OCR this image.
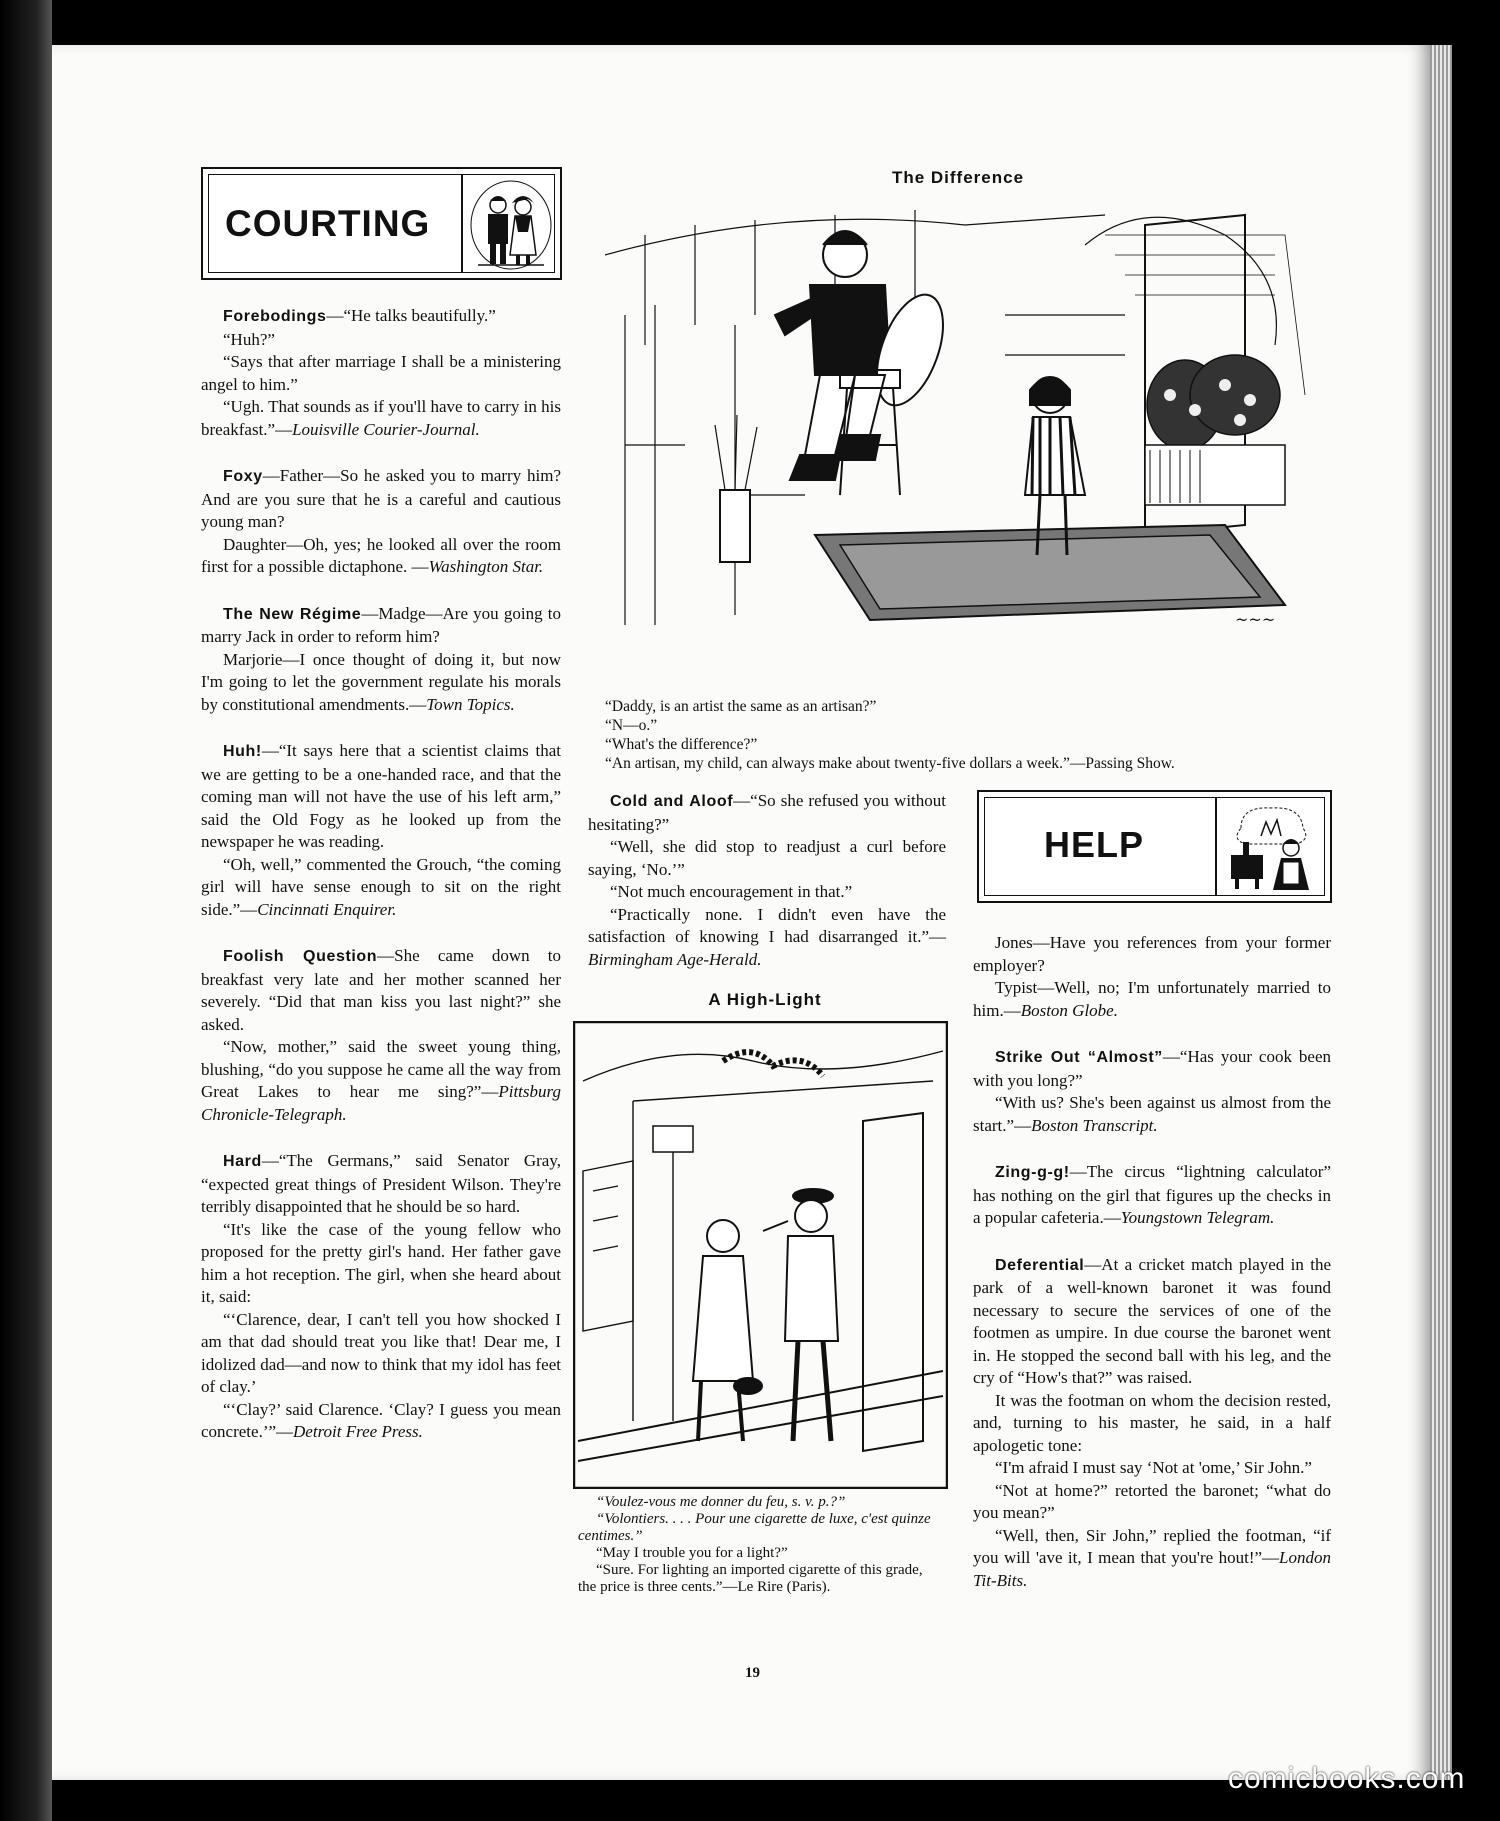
COURTING

Forebodings—“He talks beautifully.”

“Huh?”

“Says that after marriage I shall be a ministering angel to him.”

“Ugh. That sounds as if you'll have to carry in his breakfast.”—Louisville Courier-Journal.

Foxy—Father—So he asked you to marry him? And are you sure that he is a careful and cautious young man?

Daughter—Oh, yes; he looked all over the room first for a possible dictaphone. —Washington Star.

The New Régime—Madge—Are you going to marry Jack in order to reform him?

Marjorie—I once thought of doing it, but now I'm going to let the government regulate his morals by constitutional amendments.—Town Topics.

Huh!—“It says here that a scientist claims that we are getting to be a one-handed race, and that the coming man will not have the use of his left arm,” said the Old Fogy as he looked up from the newspaper he was reading.

“Oh, well,” commented the Grouch, “the coming girl will have sense enough to sit on the right side.”—Cincinnati Enquirer.

Foolish Question—She came down to breakfast very late and her mother scanned her severely. “Did that man kiss you last night?” she asked.

“Now, mother,” said the sweet young thing, blushing, “do you suppose he came all the way from Great Lakes to hear me sing?”—Pittsburg Chronicle-Telegraph.

Hard—“The Germans,” said Senator Gray, “expected great things of President Wilson. They're terribly disappointed that he should be so hard.

“It's like the case of the young fellow who proposed for the pretty girl's hand. Her father gave him a hot reception. The girl, when she heard about it, said:

“‘Clarence, dear, I can't tell you how shocked I am that dad should treat you like that! Dear me, I idolized dad—and now to think that my idol has feet of clay.’

“‘Clay?’ said Clarence. ‘Clay? I guess you mean concrete.’”—Detroit Free Press.

The Difference
~~~

“Daddy, is an artist the same as an artisan?”

“N—o.”

“What's the difference?”

“An artisan, my child, can always make about twenty-five dollars a week.”—Passing Show.

Cold and Aloof—“So she refused you without hesitating?”

“Well, she did stop to readjust a curl before saying, ‘No.’”

“Not much encouragement in that.”

“Practically none. I didn't even have the satisfaction of knowing I had disarranged it.”—Birmingham Age-Herald.

A High-Light

“Voulez-vous me donner du feu, s. v. p.?”

“Volontiers. . . . Pour une cigarette de luxe, c'est quinze centimes.”

“May I trouble you for a light?”

“Sure. For lighting an imported cigarette of this grade, the price is three cents.”—Le Rire (Paris).

HELP

Jones—Have you references from your former employer?

Typist—Well, no; I'm unfortunately married to him.—Boston Globe.

Strike Out “Almost”—“Has your cook been with you long?”

“With us? She's been against us almost from the start.”—Boston Transcript.

Zing-g-g!—The circus “lightning calculator” has nothing on the girl that figures up the checks in a popular cafeteria.—Youngstown Telegram.

Deferential—At a cricket match played in the park of a well-known baronet it was found necessary to secure the services of one of the footmen as umpire. In due course the baronet went in. He stopped the second ball with his leg, and the cry of “How's that?” was raised.

It was the footman on whom the decision rested, and, turning to his master, he said, in a half apologetic tone:

“I'm afraid I must say ‘Not at 'ome,’ Sir John.”

“Not at home?” retorted the baronet; “what do you mean?”

“Well, then, Sir John,” replied the footman, “if you will 'ave it, I mean that you're hout!”—London Tit-Bits.

19
comicbooks.com
